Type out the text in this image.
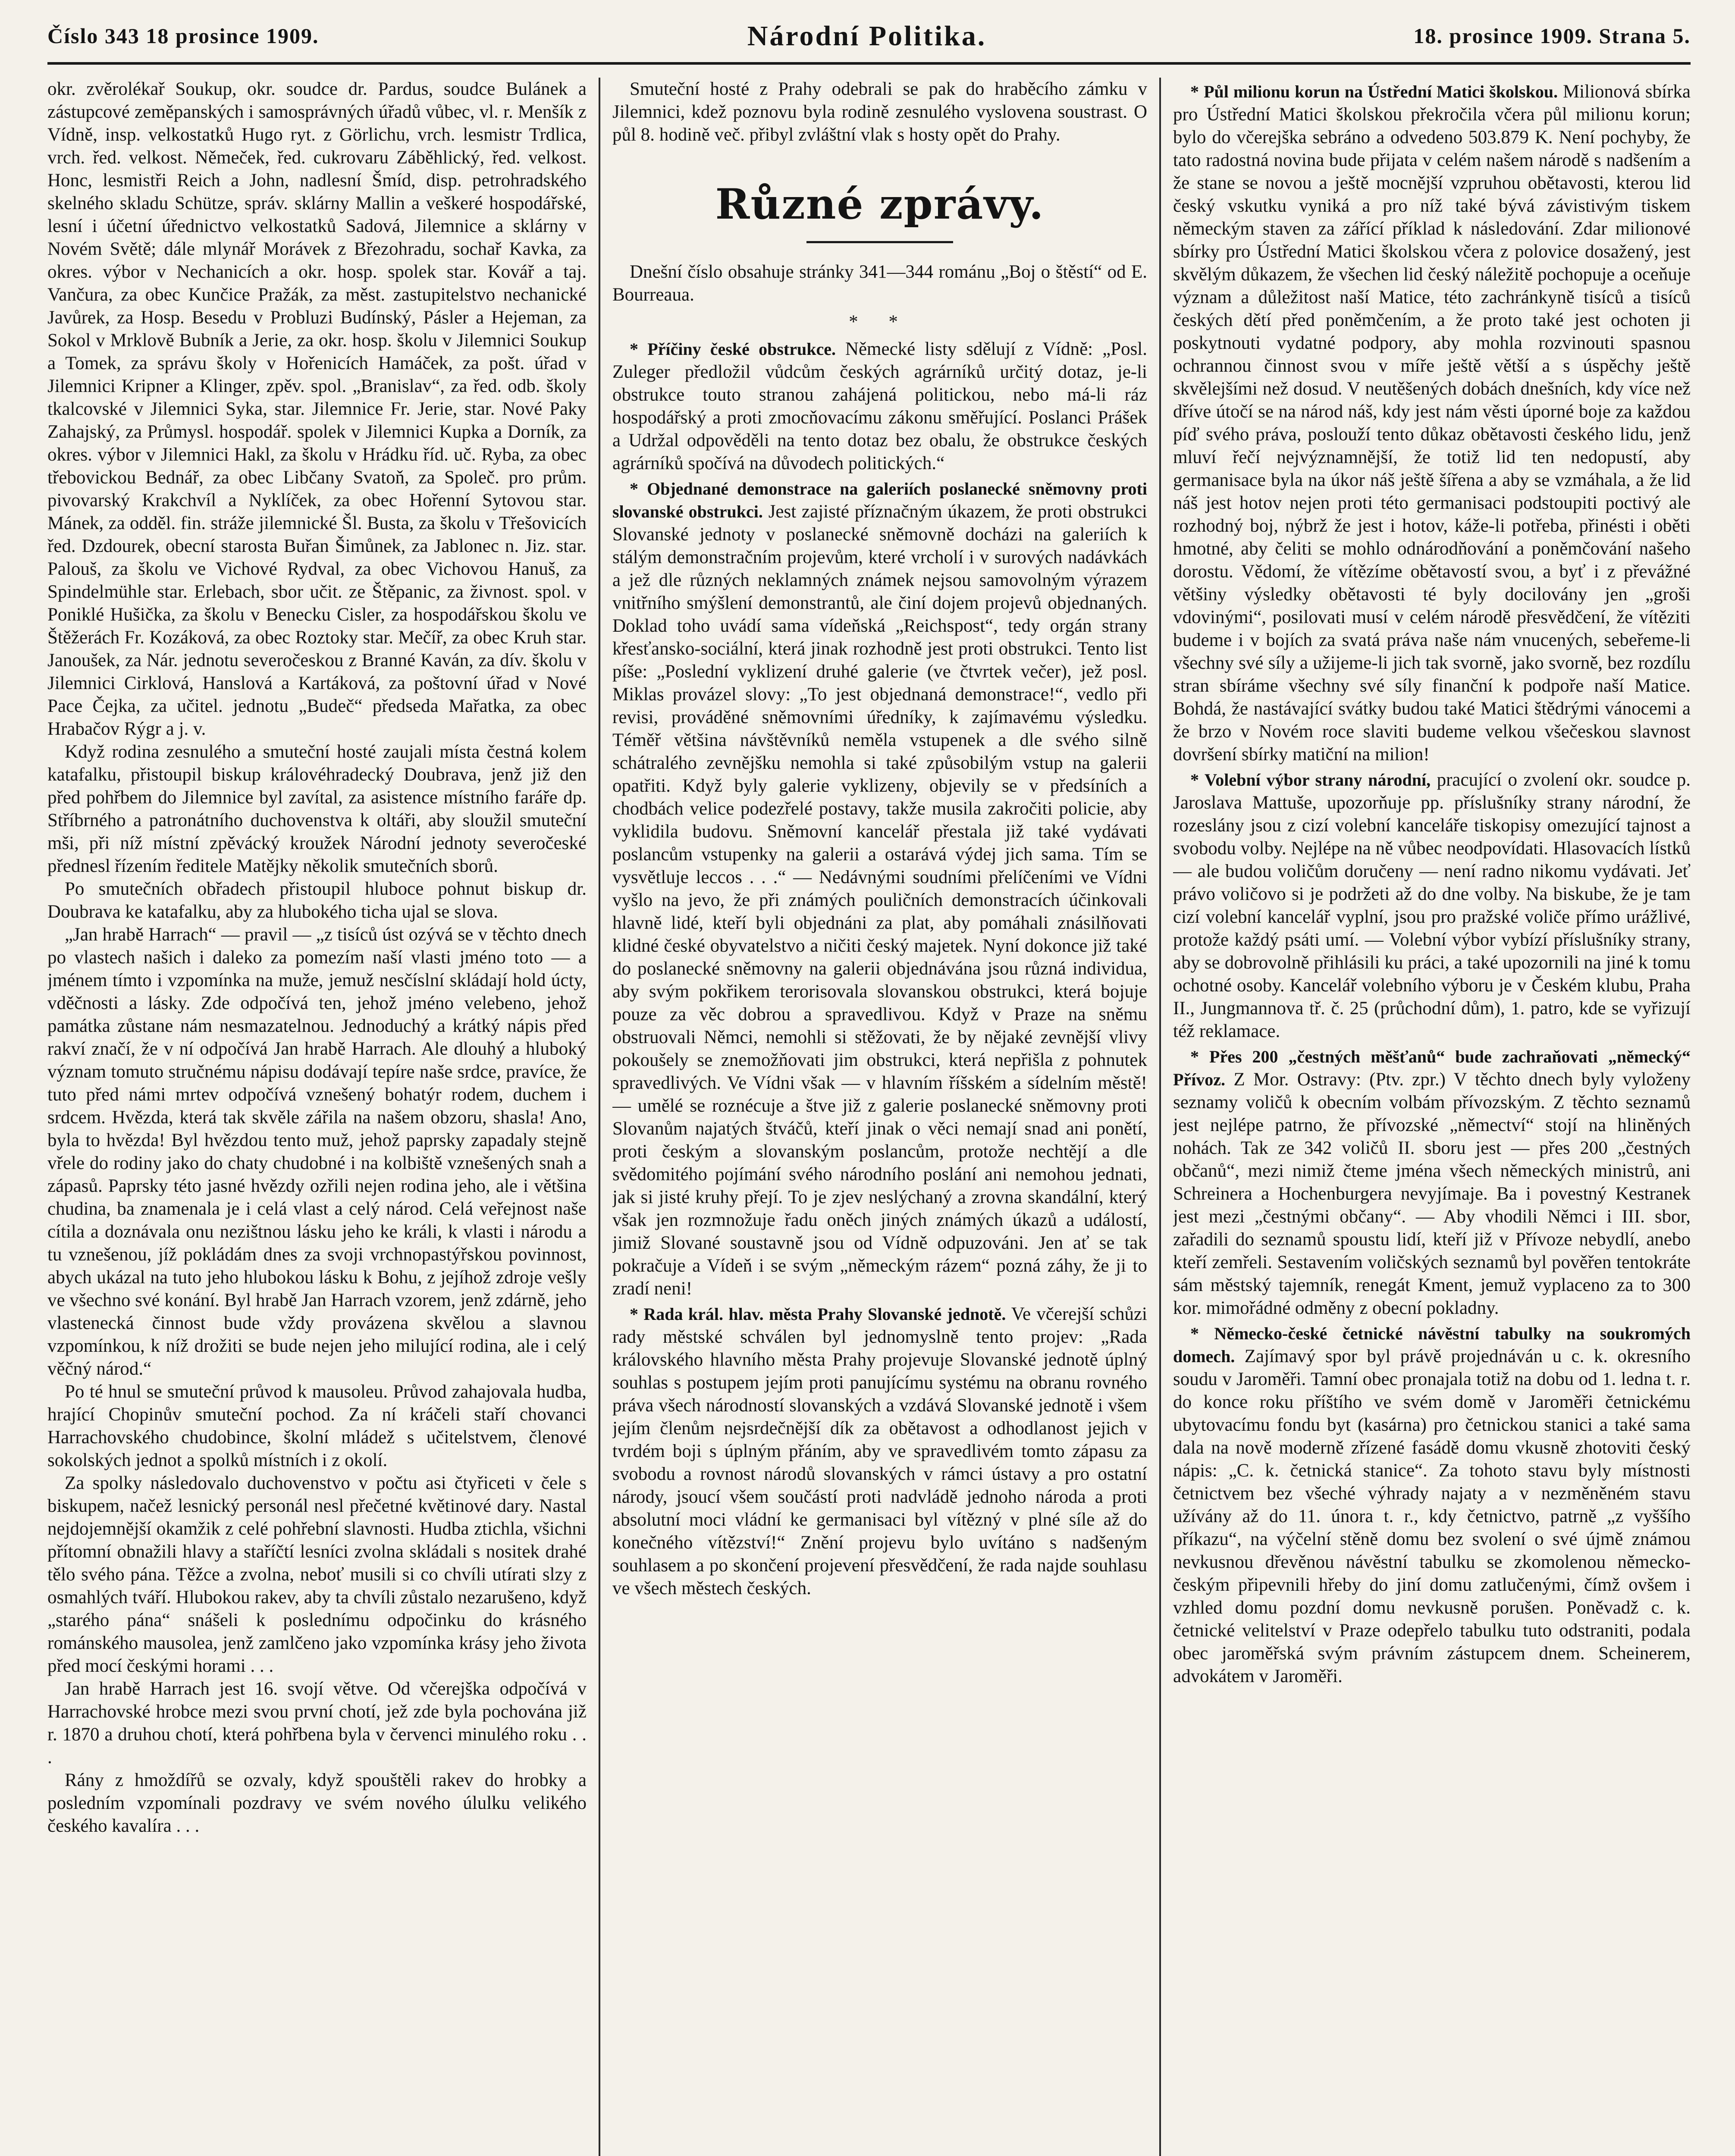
Číslo 343 18 prosince 1909.	Národní Politika.	18. prosince 1909. Strana 5.

okr. zvěrolékař Soukup, okr. soudce dr. Pardus, soudce Bulánek a zástupcové zeměpanských i samosprávných úřadů vůbec, vl. r. Menšík z Vídně, insp. velkostatků Hugo ryt. z Görlichu, vrch. lesmistr Trdlica, vrch. řed. velkost. Němeček, řed. cukrovaru Záběhlický, řed. velkost. Honc, lesmistři Reich a John, nadlesní Šmíd, disp. petrohradského skelného skladu Schütze, správ. sklárny Mallin a veškeré hospodářské, lesní i účetní úřednictvo velkostatků Sadová, Jilemnice a sklárny v Novém Světě; dále mlynář Morávek z Březohradu, sochař Kavka, za okres. výbor v Nechanicích a okr. hosp. spolek star. Kovář a taj. Vančura, za obec Kunčice Pražák, za měst. zastupitelstvo nechanické Javůrek, za Hosp. Besedu v Probluzi Budínský, Pásler a Hejeman, za Sokol v Mrklově Bubník a Jerie, za okr. hosp. školu v Jilemnici Soukup a Tomek, za správu školy v Hořenicích Hamáček, za pošt. úřad v Jilemnici Kripner a Klinger, zpěv. spol. „Branislav“, za řed. odb. školy tkalcovské v Jilemnici Syka, star. Jilemnice Fr. Jerie, star. Nové Paky Zahajský, za Průmysl. hospodář. spolek v Jilemnici Kupka a Dorník, za okres. výbor v Jilemnici Hakl, za školu v Hrádku říd. uč. Ryba, za obec třebovickou Bednář, za obec Libčany Svatoň, za Společ. pro prům. pivovarský Krakchvíl a Nyklíček, za obec Hořenní Sytovou star. Mánek, za odděl. fin. stráže jilemnické Šl. Busta, za školu v Třešovicích řed. Dzdourek, obecní starosta Buřan Šimůnek, za Jablonec n. Jiz. star. Palouš, za školu ve Vichové Rydval, za obec Vichovou Hanuš, za Spindelmühle star. Erlebach, sbor učit. ze Štěpanic, za živnost. spol. v Poniklé Hušička, za školu v Benecku Cisler, za hospodářskou školu ve Štěžerách Fr. Kozáková, za obec Roztoky star. Mečíř, za obec Kruh star. Janoušek, za Nár. jednotu severočeskou z Branné Kaván, za dív. školu v Jilemnici Cirklová, Hanslová a Kartáková, za poštovní úřad v Nové Pace Čejka, za učitel. jednotu „Budeč“ předseda Mařatka, za obec Hrabačov Rýgr a j. v.

Když rodina zesnulého a smuteční hosté zaujali místa čestná kolem katafalku, přistoupil biskup královéhradecký Doubrava, jenž již den před pohřbem do Jilemnice byl zavítal, za asistence místního faráře dp. Stříbrného a patronátního duchovenstva k oltáři, aby sloužil smuteční mši, při níž místní zpěvácký kroužek Národní jednoty severočeské přednesl řízením ředitele Matějky několik smutečních sborů.

Po smutečních obřadech přistoupil hluboce pohnut biskup dr. Doubrava ke katafalku, aby za hlubokého ticha ujal se slova.

„Jan hrabě Harrach“ — pravil — „z tisíců úst ozývá se v těchto dnech po vlastech našich i daleko za pomezím naší vlasti jméno toto — a jménem tímto i vzpomínka na muže, jemuž nesčíslní skládají hold úcty, vděčnosti a lásky. Zde odpočívá ten, jehož jméno velebeno, jehož památka zůstane nám nesmazatelnou. Jednoduchý a krátký nápis před rakví značí, že v ní odpočívá Jan hrabě Harrach. Ale dlouhý a hluboký význam tomuto stručnému nápisu dodávají tepíre naše srdce, pravíce, že tuto před námi mrtev odpočívá vznešený bohatýr rodem, duchem i srdcem. Hvězda, která tak skvěle zářila na našem obzoru, shasla! Ano, byla to hvězda! Byl hvězdou tento muž, jehož paprsky zapadaly stejně vřele do rodiny jako do chaty chudobné i na kolbiště vznešených snah a zápasů. Paprsky této jasné hvězdy ozřili nejen rodina jeho, ale i většina chudina, ba znamenala je i celá vlast a celý národ. Celá veřejnost naše cítila a doznávala onu nezištnou lásku jeho ke králi, k vlasti i národu a tu vznešenou, jíž pokládám dnes za svoji vrchnopastýřskou povinnost, abych ukázal na tuto jeho hlubokou lásku k Bohu, z jejíhož zdroje vešly ve všechno své konání. Byl hrabě Jan Harrach vzorem, jenž zdárně, jeho vlastenecká činnost bude vždy provázena skvělou a slavnou vzpomínkou, k níž drožiti se bude nejen jeho milující rodina, ale i celý věčný národ.“

Po té hnul se smuteční průvod k mausoleu. Průvod zahajovala hudba, hrající Chopinův smuteční pochod. Za ní kráčeli staří chovanci Harrachovského chudobince, školní mládež s učitelstvem, členové sokolských jednot a spolků místních i z okolí.

Za spolky následovalo duchovenstvo v počtu asi čtyřiceti v čele s biskupem, načež lesnický personál nesl přečetné květinové dary. Nastal nejdojemnější okamžik z celé pohřební slavnosti. Hudba ztichla, všichni přítomní obnažili hlavy a staříčtí lesníci zvolna skládali s nositek drahé tělo svého pána. Těžce a zvolna, neboť musili si co chvíli utírati slzy z osmahlých tváří. Hlubokou rakev, aby ta chvíli zůstalo nezarušeno, když „starého pána“ snášeli k poslednímu odpočinku do krásného románského mausolea, jenž zamlčeno jako vzpomínka krásy jeho života před mocí českými horami . . .

Jan hrabě Harrach jest 16. svojí větve. Od včerejška odpočívá v Harrachovské hrobce mezi svou první chotí, jež zde byla pochována již r. 1870 a druhou chotí, která pohřbena byla v červenci minulého roku . . .

Rány z hmoždířů se ozvaly, když spouštěli rakev do hrobky a posledním vzpomínali pozdravy ve svém nového úlulku velikého českého kavalíra . . .

Smuteční hosté z Prahy odebrali se pak do hraběcího zámku v Jilemnici, kdež poznovu byla rodině zesnulého vyslovena soustrast. O půl 8. hodině več. přibyl zvláštní vlak s hosty opět do Prahy.

Různé zprávy.

Dnešní číslo obsahuje stránky 341—344 románu „Boj o štěstí“ od E. Bourreaua.

* *

* Příčiny české obstrukce. Německé listy sdělují z Vídně: „Posl. Zuleger předložil vůdcům českých agrárníků určitý dotaz, je-li obstrukce touto stranou zahájená politickou, nebo má-li ráz hospodářský a proti zmocňovacímu zákonu směřující. Poslanci Prášek a Udržal odpověděli na tento dotaz bez obalu, že obstrukce českých agrárníků spočívá na důvodech politických.“

* Objednané demonstrace na galeriích poslanecké sněmovny proti slovanské obstrukci. Jest zajisté příznačným úkazem, že proti obstrukci Slovanské jednoty v poslanecké sněmovně docházi na galeriích k stálým demonstračním projevům, které vrcholí i v surových nadávkách a jež dle různých neklamných známek nejsou samovolným výrazem vnitřního smýšlení demonstrantů, ale činí dojem projevů objednaných. Doklad toho uvádí sama vídeňská „Reichspost“, tedy orgán strany křesťansko-sociální, která jinak rozhodně jest proti obstrukci. Tento list píše: „Poslední vyklizení druhé galerie (ve čtvrtek večer), jež posl. Miklas provázel slovy: „To jest objednaná demonstrace!“, vedlo při revisi, prováděné sněmovními úředníky, k zajímavému výsledku. Téměř většina návštěvníků neměla vstupenek a dle svého silně schátralého zevnějšku nemohla si také způsobilým vstup na galerii opatřiti. Když byly galerie vyklizeny, objevily se v předsíních a chodbách velice podezřelé postavy, takže musila zakročiti policie, aby vyklidila budovu. Sněmovní kancelář přestala již také vydávati poslancům vstupenky na galerii a ostarává výdej jich sama. Tím se vysvětluje leccos . . .“ — Nedávnými soudními přelíčeními ve Vídni vyšlo na jevo, že při známých pouličních demonstracích účinkovali hlavně lidé, kteří byli objednáni za plat, aby pomáhali znásilňovati klidné české obyvatelstvo a ničiti český majetek. Nyní dokonce již také do poslanecké sněmovny na galerii objednávána jsou různá individua, aby svým pokřikem terorisovala slovanskou obstrukci, která bojuje pouze za věc dobrou a spravedlivou. Když v Praze na sněmu obstruovali Němci, nemohli si stěžovati, že by nějaké zevnější vlivy pokoušely se znemožňovati jim obstrukci, která nepřišla z pohnutek spravedlivých. Ve Vídni však — v hlavním říšském a sídelním městě! — umělé se roznécuje a štve již z galerie poslanecké sněmovny proti Slovanům najatých štváčů, kteří jinak o věci nemají snad ani ponětí, proti českým a slovanským poslancům, protože nechtějí a dle svědomitého pojímání svého národního poslání ani nemohou jednati, jak si jisté kruhy přejí. To je zjev neslýchaný a zrovna skandální, který však jen rozmnožuje řadu oněch jiných známých úkazů a událostí, jimiž Slované soustavně jsou od Vídně odpuzováni. Jen ať se tak pokračuje a Vídeň i se svým „německým rázem“ pozná záhy, že ji to zradí neni!

* Rada král. hlav. města Prahy Slovanské jednotě. Ve včerejší schůzi rady městské schválen byl jednomyslně tento projev: „Rada královského hlavního města Prahy projevuje Slovanské jednotě úplný souhlas s postupem jejím proti panujícímu systému na obranu rovného práva všech národností slovanských a vzdává Slovanské jednotě i všem jejím členům nejsrdečnější dík za obětavost a odhodlanost jejich v tvrdém boji s úplným přáním, aby ve spravedlivém tomto zápasu za svobodu a rovnost národů slovanských v rámci ústavy a pro ostatní národy, jsoucí všem součástí proti nadvládě jednoho národa a proti absolutní moci vládní ke germanisaci byl vítězný v plné síle až do konečného vítězství!“ Znění projevu bylo uvítáno s nadšeným souhlasem a po skončení projevení přesvědčení, že rada najde souhlasu ve všech městech českých.

* Půl milionu korun na Ústřední Matici školskou. Milionová sbírka pro Ústřední Matici školskou překročila včera půl milionu korun; bylo do včerejška sebráno a odvedeno 503.879 K. Není pochyby, že tato radostná novina bude přijata v celém našem národě s nadšením a že stane se novou a ještě mocnější vzpruhou obětavosti, kterou lid český vskutku vyniká a pro níž také bývá závistivým tiskem německým staven za zářící příklad k následování. Zdar milionové sbírky pro Ústřední Matici školskou včera z polovice dosažený, jest skvělým důkazem, že všechen lid český náležitě pochopuje a oceňuje význam a důležitost naší Matice, této zachránkyně tisíců a tisíců českých dětí před poněmčením, a že proto také jest ochoten ji poskytnouti vydatné podpory, aby mohla rozvinouti spasnou ochrannou činnost svou v míře ještě větší a s úspěchy ještě skvělejšími než dosud. V neutěšených dobách dnešních, kdy více než dříve útočí se na národ náš, kdy jest nám věsti úporné boje za každou píď svého práva, poslouží tento důkaz obětavosti českého lidu, jenž mluví řečí nejvýznamnější, že totiž lid ten nedopustí, aby germanisace byla na úkor náš ještě šířena a aby se vzmáhala, a že lid náš jest hotov nejen proti této germanisaci podstoupiti poctivý ale rozhodný boj, nýbrž že jest i hotov, káže-li potřeba, přinésti i oběti hmotné, aby čeliti se mohlo odnárodňování a poněmčování našeho dorostu. Vědomí, že vítězíme obětavostí svou, a byť i z převážné většiny výsledky obětavosti té byly docilovány jen „groši vdovinými“, posilovati musí v celém národě přesvědčení, že vítěziti budeme i v bojích za svatá práva naše nám vnucených, sebeřeme-li všechny své síly a užijeme-li jich tak svorně, jako svorně, bez rozdílu stran sbíráme všechny své síly finanční k podpoře naší Matice. Bohdá, že nastávající svátky budou také Matici štědrými vánocemi a že brzo v Novém roce slaviti budeme velkou všečeskou slavnost dovršení sbírky matiční na milion!

* Volební výbor strany národní, pracující o zvolení okr. soudce p. Jaroslava Mattuše, upozorňuje pp. příslušníky strany národní, že rozeslány jsou z cizí volební kanceláře tiskopisy omezující tajnost a svobodu volby. Nejlépe na ně vůbec neodpovídati. Hlasovacích lístků — ale budou voličům doručeny — není radno nikomu vydávati. Jeť právo voličovo si je podržeti až do dne volby. Na biskube, že je tam cizí volební kancelář vyplní, jsou pro pražské voliče přímo urážlivé, protože každý psáti umí. — Volební výbor vybízí příslušníky strany, aby se dobrovolně přihlásili ku práci, a také upozornili na jiné k tomu ochotné osoby. Kancelář volebního výboru je v Českém klubu, Praha II., Jungmannova tř. č. 25 (průchodní dům), 1. patro, kde se vyřizují též reklamace.

* Přes 200 „čestných měšťanů“ bude zachraňovati „německý“ Přívoz. Z Mor. Ostravy: (Ptv. zpr.) V těchto dnech byly vyloženy seznamy voličů k obecním volbám přívozským. Z těchto seznamů jest nejlépe patrno, že přívozské „němectví“ stojí na hliněných nohách. Tak ze 342 voličů II. sboru jest — přes 200 „čestných občanů“, mezi nimiž čteme jména všech německých ministrů, ani Schreinera a Hochenburgera nevyjímaje. Ba i povestný Kestranek jest mezi „čestnými občany“. — Aby vhodili Němci i III. sbor, zařadili do seznamů spoustu lidí, kteří již v Přívoze nebydlí, anebo kteří zemřeli. Sestavením voličských seznamů byl pověřen tentokráte sám městský tajemník, renegát Kment, jemuž vyplaceno za to 300 kor. mimořádné odměny z obecní pokladny.

* Německo-české četnické návěstní tabulky na soukromých domech. Zajímavý spor byl právě projednáván u c. k. okresního soudu v Jaroměři. Tamní obec pronajala totiž na dobu od 1. ledna t. r. do konce roku příštího ve svém domě v Jaroměři četnickému ubytovacímu fondu byt (kasárna) pro četnickou stanici a také sama dala na nově moderně zřízené fasádě domu vkusně zhotoviti český nápis: „C. k. četnická stanice“. Za tohoto stavu byly místnosti četnictvem bez všeché výhrady najaty a v nezměněném stavu užívány až do 11. února t. r., kdy četnictvo, patrně „z vyššího příkazu“, na výčelní stěně domu bez svolení o své újmě známou nevkusnou dřevěnou návěstní tabulku se zkomolenou německo-českým připevnili hřeby do jiní domu zatlučenými, čímž ovšem i vzhled domu pozdní domu nevkusně porušen. Poněvadž c. k. četnické velitelství v Praze odepřelo tabulku tuto odstraniti, podala obec jaroměřská svým právním zástupcem dnem. Scheinerem, advokátem v Jaroměři.
